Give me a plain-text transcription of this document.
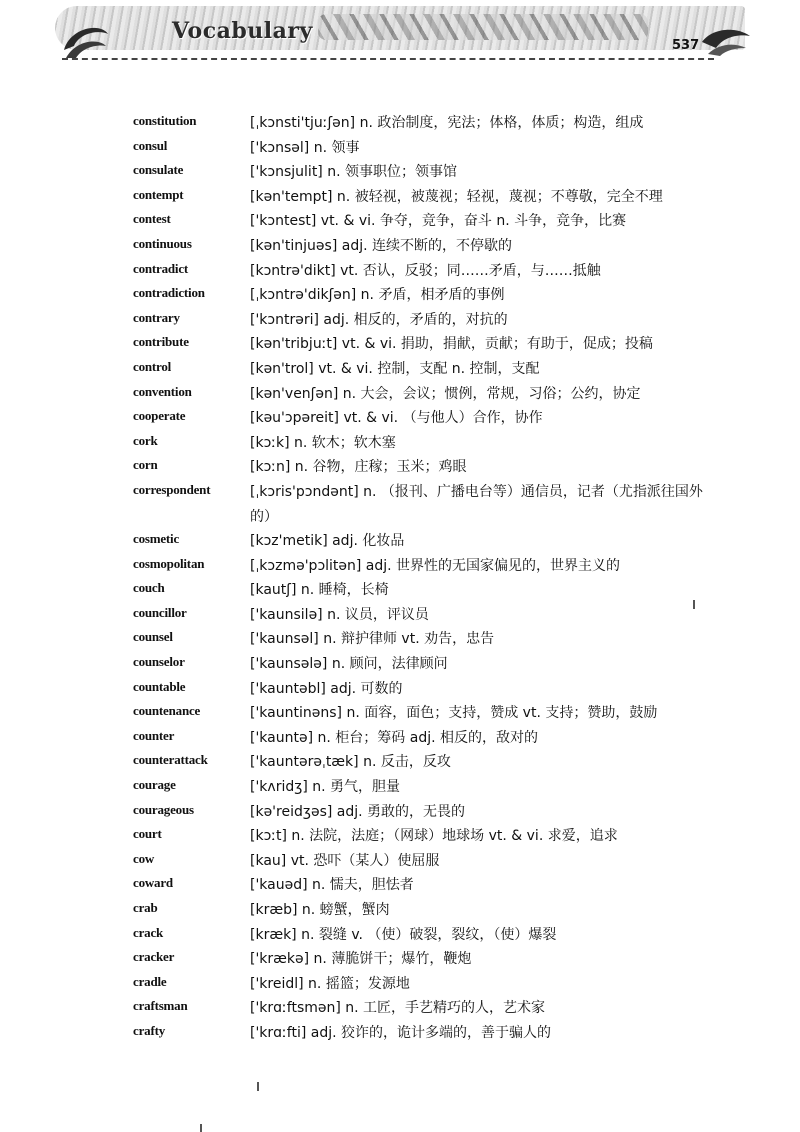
Vocabulary
537
constitution	[ˌkɔnsti'tjuːʃən] n. 政治制度，宪法；体格，体质；构造，组成
consul	['kɔnsəl] n. 领事
consulate	['kɔnsjulit] n. 领事职位；领事馆
contempt	[kən'tempt] n. 被轻视，被蔑视；轻视，蔑视；不尊敬，完全不理
contest	['kɔntest] vt. & vi. 争夺，竞争，奋斗 n. 斗争，竞争，比赛
continuous	[kən'tinjuəs] adj. 连续不断的，不停歇的
contradict	[kɔntrə'dikt] vt. 否认，反驳；同……矛盾，与……抵触
contradiction	[ˌkɔntrə'dikʃən] n. 矛盾，相矛盾的事例
contrary	['kɔntrəri] adj. 相反的，矛盾的，对抗的
contribute	[kən'tribjuːt] vt. & vi. 捐助，捐献，贡献；有助于，促成；投稿
control	[kən'trol] vt. & vi. 控制，支配 n. 控制，支配
convention	[kən'venʃən] n. 大会，会议；惯例，常规，习俗；公约，协定
cooperate	[kəu'ɔpəreit] vt. & vi. （与他人）合作，协作
cork	[kɔːk] n. 软木；软木塞
corn	[kɔːn] n. 谷物，庄稼；玉米；鸡眼
correspondent	[ˌkɔris'pɔndənt] n. （报刊、广播电台等）通信员，记者（尤指派往国外的）
cosmetic	[kɔz'metik] adj. 化妆品
cosmopolitan	[ˌkɔzmə'pɔlitən] adj. 世界性的无国家偏见的，世界主义的
couch	[kautʃ] n. 睡椅，长椅
councillor	['kaunsilə] n. 议员，评议员
counsel	['kaunsəl] n. 辩护律师 vt. 劝告，忠告
counselor	['kaunsələ] n. 顾问，法律顾问
countable	['kauntəbl] adj. 可数的
countenance	['kauntinəns] n. 面容，面色；支持，赞成 vt. 支持；赞助，鼓励
counter	['kauntə] n. 柜台；筹码 adj. 相反的，敌对的
counterattack	['kauntərəˌtæk] n. 反击，反攻
courage	['kʌridʒ] n. 勇气，胆量
courageous	[kə'reidʒəs] adj. 勇敢的，无畏的
court	[kɔːt] n. 法院，法庭；（网球）地球场 vt. & vi. 求爱，追求
cow	[kau] vt. 恐吓（某人）使屈服
coward	['kauəd] n. 懦夫，胆怯者
crab	[kræb] n. 螃蟹，蟹肉
crack	[kræk] n. 裂缝 v. （使）破裂，裂纹，（使）爆裂
cracker	['krækə] n. 薄脆饼干；爆竹，鞭炮
cradle	['kreidl] n. 摇篮；发源地
craftsman	['krɑːftsmən] n. 工匠，手艺精巧的人，艺术家
crafty	['krɑːfti] adj. 狡诈的，诡计多端的，善于骗人的
